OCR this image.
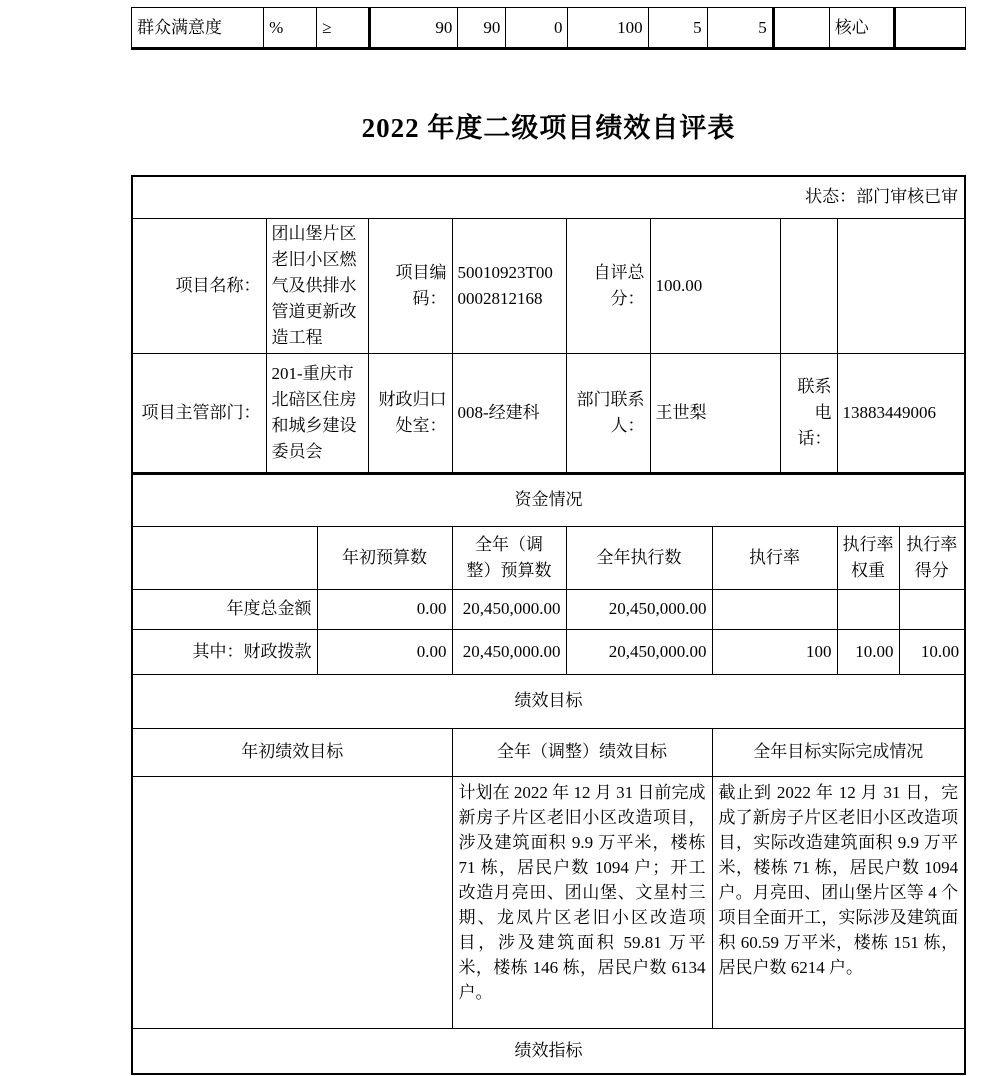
群众满意度	%	≥	90	90	0	100	5	5		核心	
2022 年度二级项目绩效自评表
状态：部门审核已审										
项目名称：	团山堡片区老旧小区燃气及供排水管道更新改造工程		项目编码：	50010923T000002812168	自评总分：	100.00				
项目主管部门：	201-重庆市北碚区住房和城乡建设委员会		财政归口处室：	008-经建科	部门联系人：	王世梨		联系电话：	13883449006	
资金情况										
		年初预算数		全年（调整）预算数	全年执行数		执行率		执行率权重	执行率得分
年度总金额		0.00		20,450,000.00	20,450,000.00					
其中：财政拨款		0.00		20,450,000.00	20,450,000.00		100		10.00	10.00
绩效目标										
年初绩效目标				全年（调整）绩效目标			全年目标实际完成情况			
				计划在 2022 年 12 月 31 日前完成新房子片区老旧小区改造项目，涉及建筑面积 9.9 万平米，楼栋 71 栋，居民户数 1094 户；开工改造月亮田、团山堡、文星村三期、龙凤片区老旧小区改造项目，涉及建筑面积 59.81 万平米，楼栋 146 栋，居民户数 6134 户。			截止到 2022 年 12 月 31 日，完成了新房子片区老旧小区改造项目，实际改造建筑面积 9.9 万平米，楼栋 71 栋，居民户数 1094 户。月亮田、团山堡片区等 4 个项目全面开工，实际涉及建筑面积 60.59 万平米，楼栋 151 栋，居民户数 6214 户。			
绩效指标										
